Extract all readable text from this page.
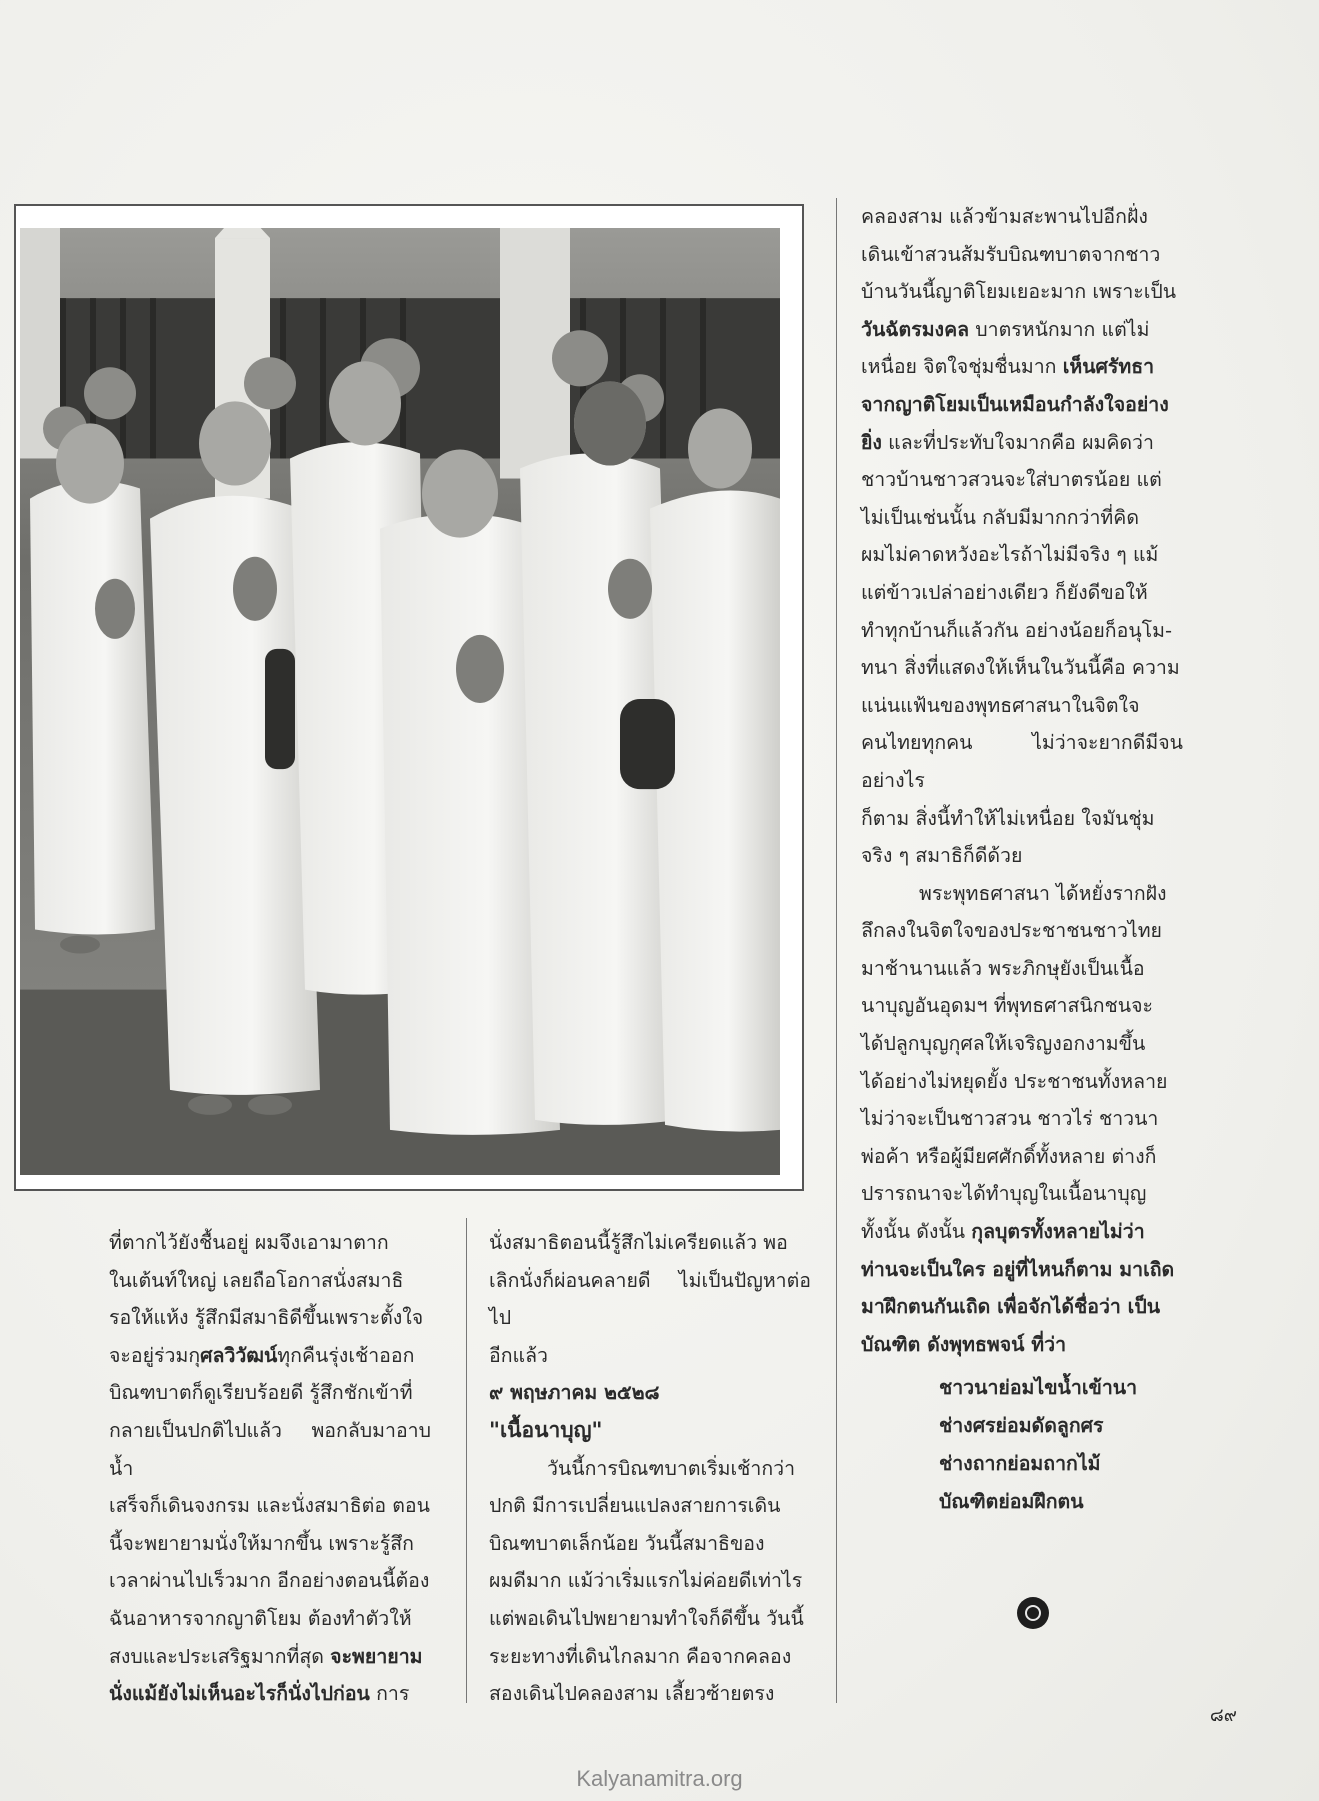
ที่ตากไว้ยังชื้นอยู่ ผมจึงเอามาตาก

ในเต้นท์ใหญ่ เลยถือโอกาสนั่งสมาธิ

รอให้แห้ง รู้สึกมีสมาธิดีขึ้นเพราะตั้งใจ

จะอยู่ร่วมกุศลวิวัฒน์ทุกคืนรุ่งเช้าออก

บิณฑบาตก็ดูเรียบร้อยดี รู้สึกชักเข้าที่

กลายเป็นปกติไปแล้ว พอกลับมาอาบน้ำ

เสร็จก็เดินจงกรม และนั่งสมาธิต่อ ตอน

นี้จะพยายามนั่งให้มากขึ้น เพราะรู้สึก

เวลาผ่านไปเร็วมาก อีกอย่างตอนนี้ต้อง

ฉันอาหารจากญาติโยม ต้องทำตัวให้

สงบและประเสริฐมากที่สุด จะพยายาม

นั่งแม้ยังไม่เห็นอะไรก็นั่งไปก่อน การ

นั่งสมาธิตอนนี้รู้สึกไม่เครียดแล้ว พอ

เลิกนั่งก็ผ่อนคลายดี ไม่เป็นปัญหาต่อไป

อีกแล้ว

๙ พฤษภาคม ๒๕๒๘

"เนื้อนาบุญ"

วันนี้การบิณฑบาตเริ่มเช้ากว่า

ปกติ มีการเปลี่ยนแปลงสายการเดิน

บิณฑบาตเล็กน้อย วันนี้สมาธิของ

ผมดีมาก แม้ว่าเริ่มแรกไม่ค่อยดีเท่าไร

แต่พอเดินไปพยายามทำใจก็ดีขึ้น วันนี้

ระยะทางที่เดินไกลมาก คือจากคลอง

สองเดินไปคลองสาม เลี้ยวซ้ายตรง

คลองสาม แล้วข้ามสะพานไปอีกฝั่ง

เดินเข้าสวนส้มรับบิณฑบาตจากชาว

บ้านวันนี้ญาติโยมเยอะมาก เพราะเป็น

วันฉัตรมงคล บาตรหนักมาก แต่ไม่

เหนื่อย จิตใจชุ่มชื่นมาก เห็นศรัทธา

จากญาติโยมเป็นเหมือนกำลังใจอย่าง

ยิ่ง และที่ประทับใจมากคือ ผมคิดว่า

ชาวบ้านชาวสวนจะใส่บาตรน้อย แต่

ไม่เป็นเช่นนั้น กลับมีมากกว่าที่คิด

ผมไม่คาดหวังอะไรถ้าไม่มีจริง ๆ แม้

แต่ข้าวเปล่าอย่างเดียว ก็ยังดีขอให้

ทำทุกบ้านก็แล้วกัน อย่างน้อยก็อนุโม-

ทนา สิ่งที่แสดงให้เห็นในวันนี้คือ ความ

แน่นแฟ้นของพุทธศาสนาในจิตใจ

คนไทยทุกคน ไม่ว่าจะยากดีมีจนอย่างไร

ก็ตาม สิ่งนี้ทำให้ไม่เหนื่อย ใจมันชุ่ม

จริง ๆ สมาธิก็ดีด้วย

พระพุทธศาสนา ได้หยั่งรากฝัง

ลึกลงในจิตใจของประชาชนชาวไทย

มาช้านานแล้ว พระภิกษุยังเป็นเนื้อ

นาบุญอันอุดมฯ ที่พุทธศาสนิกชนจะ

ได้ปลูกบุญกุศลให้เจริญงอกงามขึ้น

ได้อย่างไม่หยุดยั้ง ประชาชนทั้งหลาย

ไม่ว่าจะเป็นชาวสวน ชาวไร่ ชาวนา

พ่อค้า หรือผู้มียศศักดิ์ทั้งหลาย ต่างก็

ปรารถนาจะได้ทำบุญในเนื้อนาบุญ

ทั้งนั้น ดังนั้น กุลบุตรทั้งหลายไม่ว่า

ท่านจะเป็นใคร อยู่ที่ไหนก็ตาม มาเถิด

มาฝึกตนกันเถิด เพื่อจักได้ชื่อว่า เป็น

บัณฑิต ดังพุทธพจน์ ที่ว่า

ชาวนาย่อมไขน้ำเข้านา

ช่างศรย่อมดัดลูกศร

ช่างถากย่อมถากไม้

บัณฑิตย่อมฝึกตน

๘๙
Kalyanamitra.org
